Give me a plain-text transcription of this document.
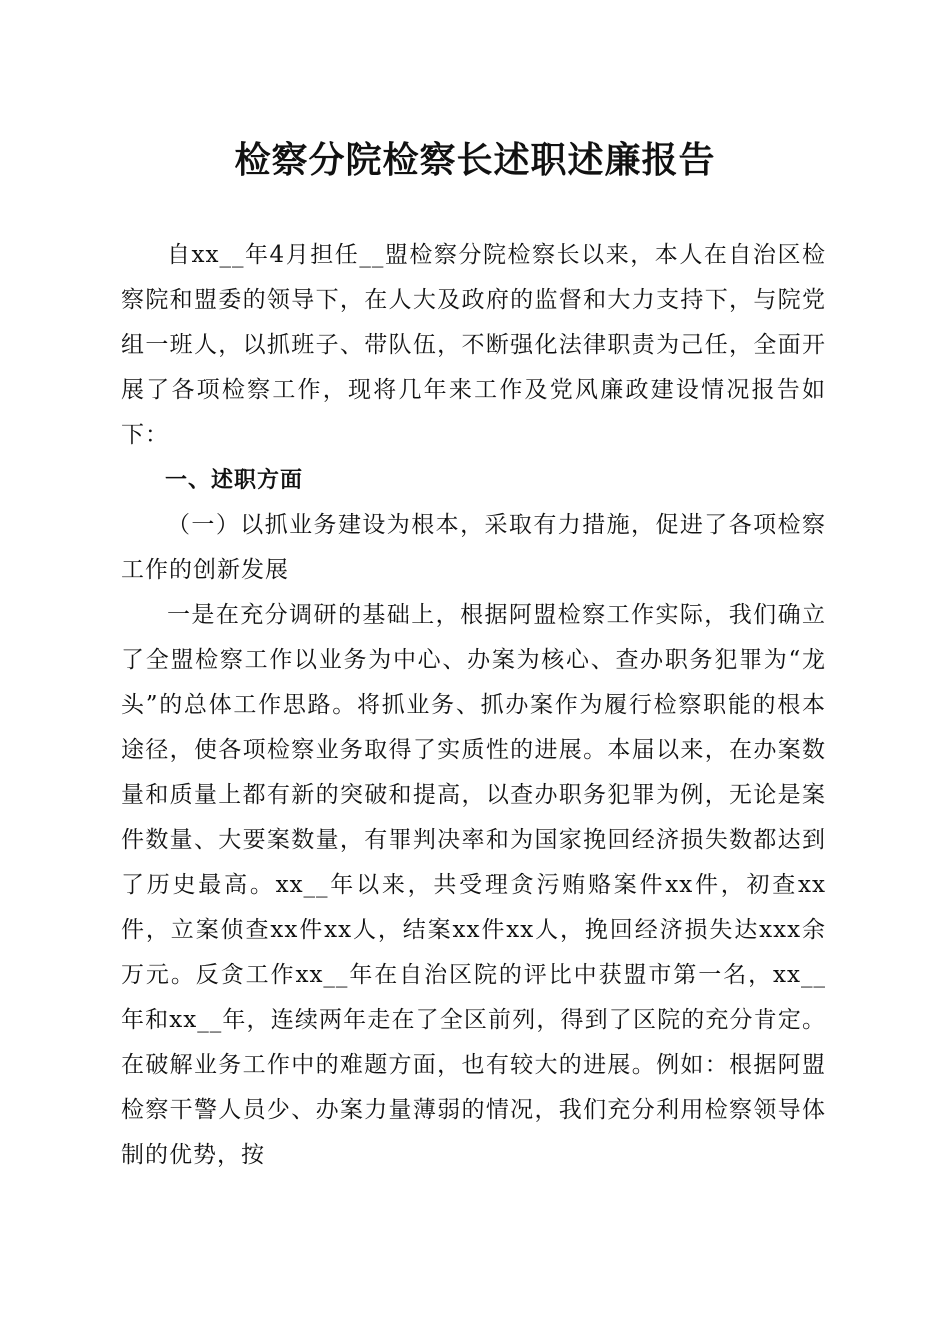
检察分院检察长述职述廉报告

自xx__年4月担任__盟检察分院检察长以来，本人在自治区检察院和盟委的领导下，在人大及政府的监督和大力支持下，与院党组一班人，以抓班子、带队伍，不断强化法律职责为己任，全面开展了各项检察工作，现将几年来工作及党风廉政建设情况报告如下：

一、述职方面

（一）以抓业务建设为根本，采取有力措施，促进了各项检察工作的创新发展

一是在充分调研的基础上，根据阿盟检察工作实际，我们确立了全盟检察工作以业务为中心、办案为核心、查办职务犯罪为“龙头”的总体工作思路。将抓业务、抓办案作为履行检察职能的根本途径，使各项检察业务取得了实质性的进展。本届以来，在办案数量和质量上都有新的突破和提高，以查办职务犯罪为例，无论是案件数量、大要案数量，有罪判决率和为国家挽回经济损失数都达到了历史最高。xx__年以来，共受理贪污贿赂案件xx件，初查xx件，立案侦查xx件xx人，结案xx件xx人，挽回经济损失达xxx余万元。反贪工作xx__年在自治区院的评比中获盟市第一名，xx__年和xx__年，连续两年走在了全区前列，得到了区院的充分肯定。在破解业务工作中的难题方面，也有较大的进展。例如：根据阿盟检察干警人员少、办案力量薄弱的情况，我们充分利用检察领导体制的优势，按
